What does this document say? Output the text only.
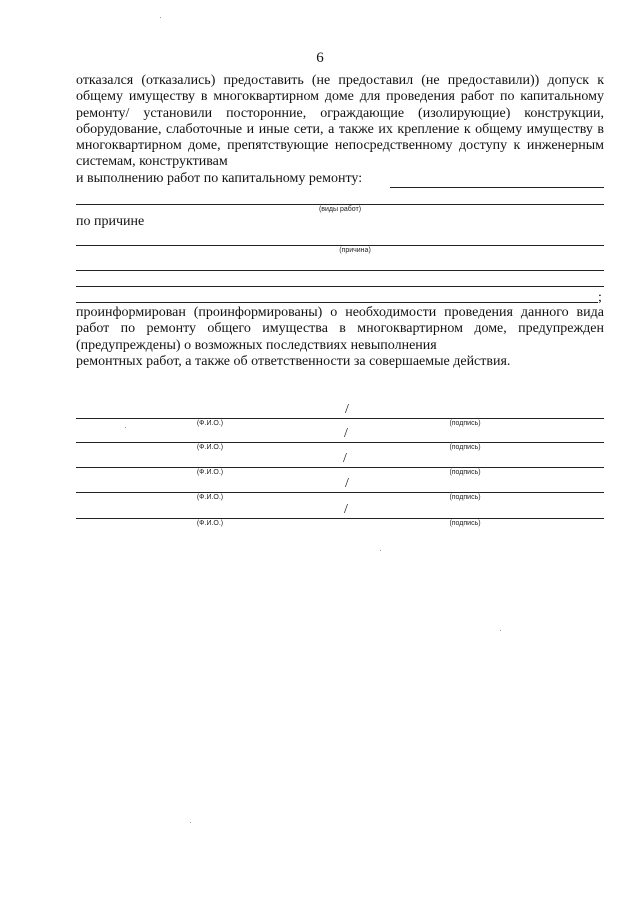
6
отказался (отказались) предоставить (не предоставил (не предоставили)) допуск к общему имуществу в многоквартирном доме для проведения работ по капитальному ремонту/ установили посторонние, ограждающие (изолирующие) конструкции, оборудование, слаботочные и иные сети, а также их крепление к общему имуществу в многоквартирном доме, препятствующие непосредственному доступу к инженерным системам, конструктивам
и выполнению работ по капитальному ремонту:
(виды работ)
по причине
(причина)
;
проинформирован (проинформированы) о необходимости проведения данного вида работ по ремонту общего имущества в многоквартирном доме, предупрежден (предупреждены) о возможных последствиях невыполнения
ремонтных работ, а также об ответственности за совершаемые действия.
/
(Ф.И.О.)	(подпись)
/
(Ф.И.О.)	(подпись)
/
(Ф.И.О.)	(подпись)
/
(Ф.И.О.)	(подпись)
/
(Ф.И.О.)	(подпись)
